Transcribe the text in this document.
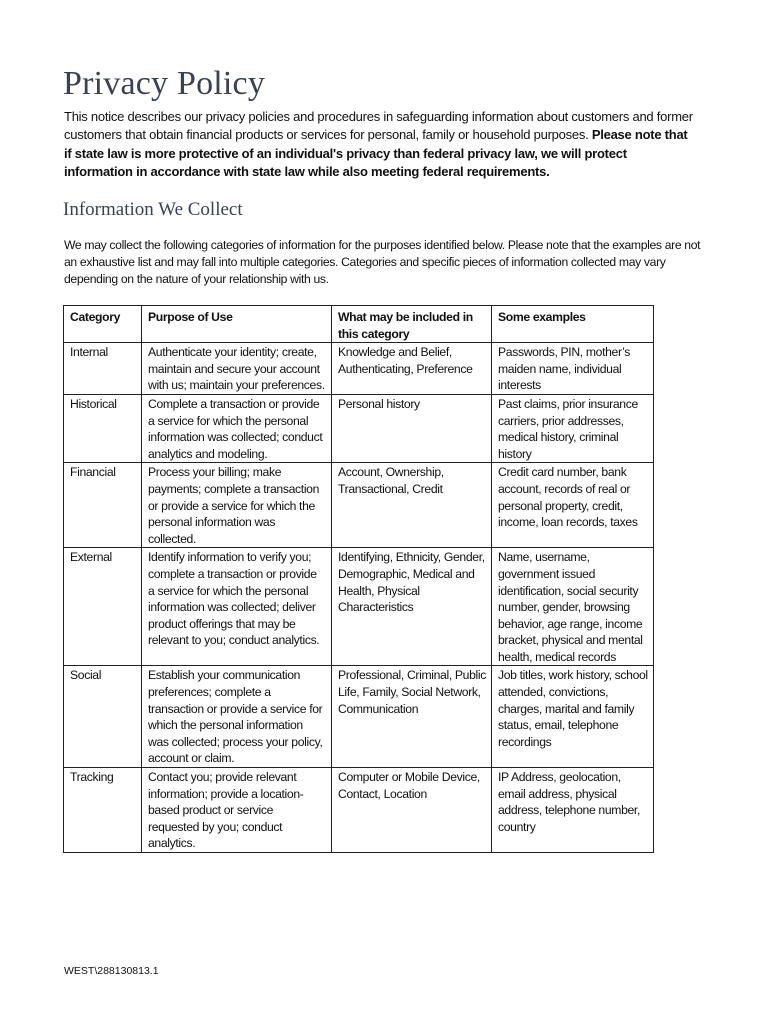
Privacy Policy

This notice describes our privacy policies and procedures in safeguarding information about customers and former customers that obtain financial products or services for personal, family or household purposes. Please note that if state law is more protective of an individual's privacy than federal privacy law, we will protect information in accordance with state law while also meeting federal requirements.

Information We Collect

We may collect the following categories of information for the purposes identified below. Please note that the examples are not an exhaustive list and may fall into multiple categories. Categories and specific pieces of information collected may vary depending on the nature of your relationship with us.

Category	Purpose of Use	What may be included in this category	Some examples
Internal	Authenticate your identity; create, maintain and secure your account with us; maintain your preferences.	Knowledge and Belief, Authenticating, Preference	Passwords, PIN, mother’s maiden name, individual interests
Historical	Complete a transaction or provide a service for which the personal information was collected; conduct analytics and modeling.	Personal history	Past claims, prior insurance carriers, prior addresses, medical history, criminal history
Financial	Process your billing; make payments; complete a transaction or provide a service for which the personal information was collected.	Account, Ownership, Transactional, Credit	Credit card number, bank account, records of real or personal property, credit, income, loan records, taxes
External	Identify information to verify you; complete a transaction or provide a service for which the personal information was collected; deliver product offerings that may be relevant to you; conduct analytics.	Identifying, Ethnicity, Gender, Demographic, Medical and Health, Physical Characteristics	Name, username, government issued identification, social security number, gender, browsing behavior, age range, income bracket, physical and mental health, medical records
Social	Establish your communication preferences; complete a transaction or provide a service for which the personal information was collected; process your policy, account or claim.	Professional, Criminal, Public Life, Family, Social Network, Communication	Job titles, work history, school attended, convictions, charges, marital and family status, email, telephone recordings
Tracking	Contact you; provide relevant information; provide a location-based product or service requested by you; conduct analytics.	Computer or Mobile Device, Contact, Location	IP Address, geolocation, email address, physical address, telephone number, country

WEST\288130813.1
